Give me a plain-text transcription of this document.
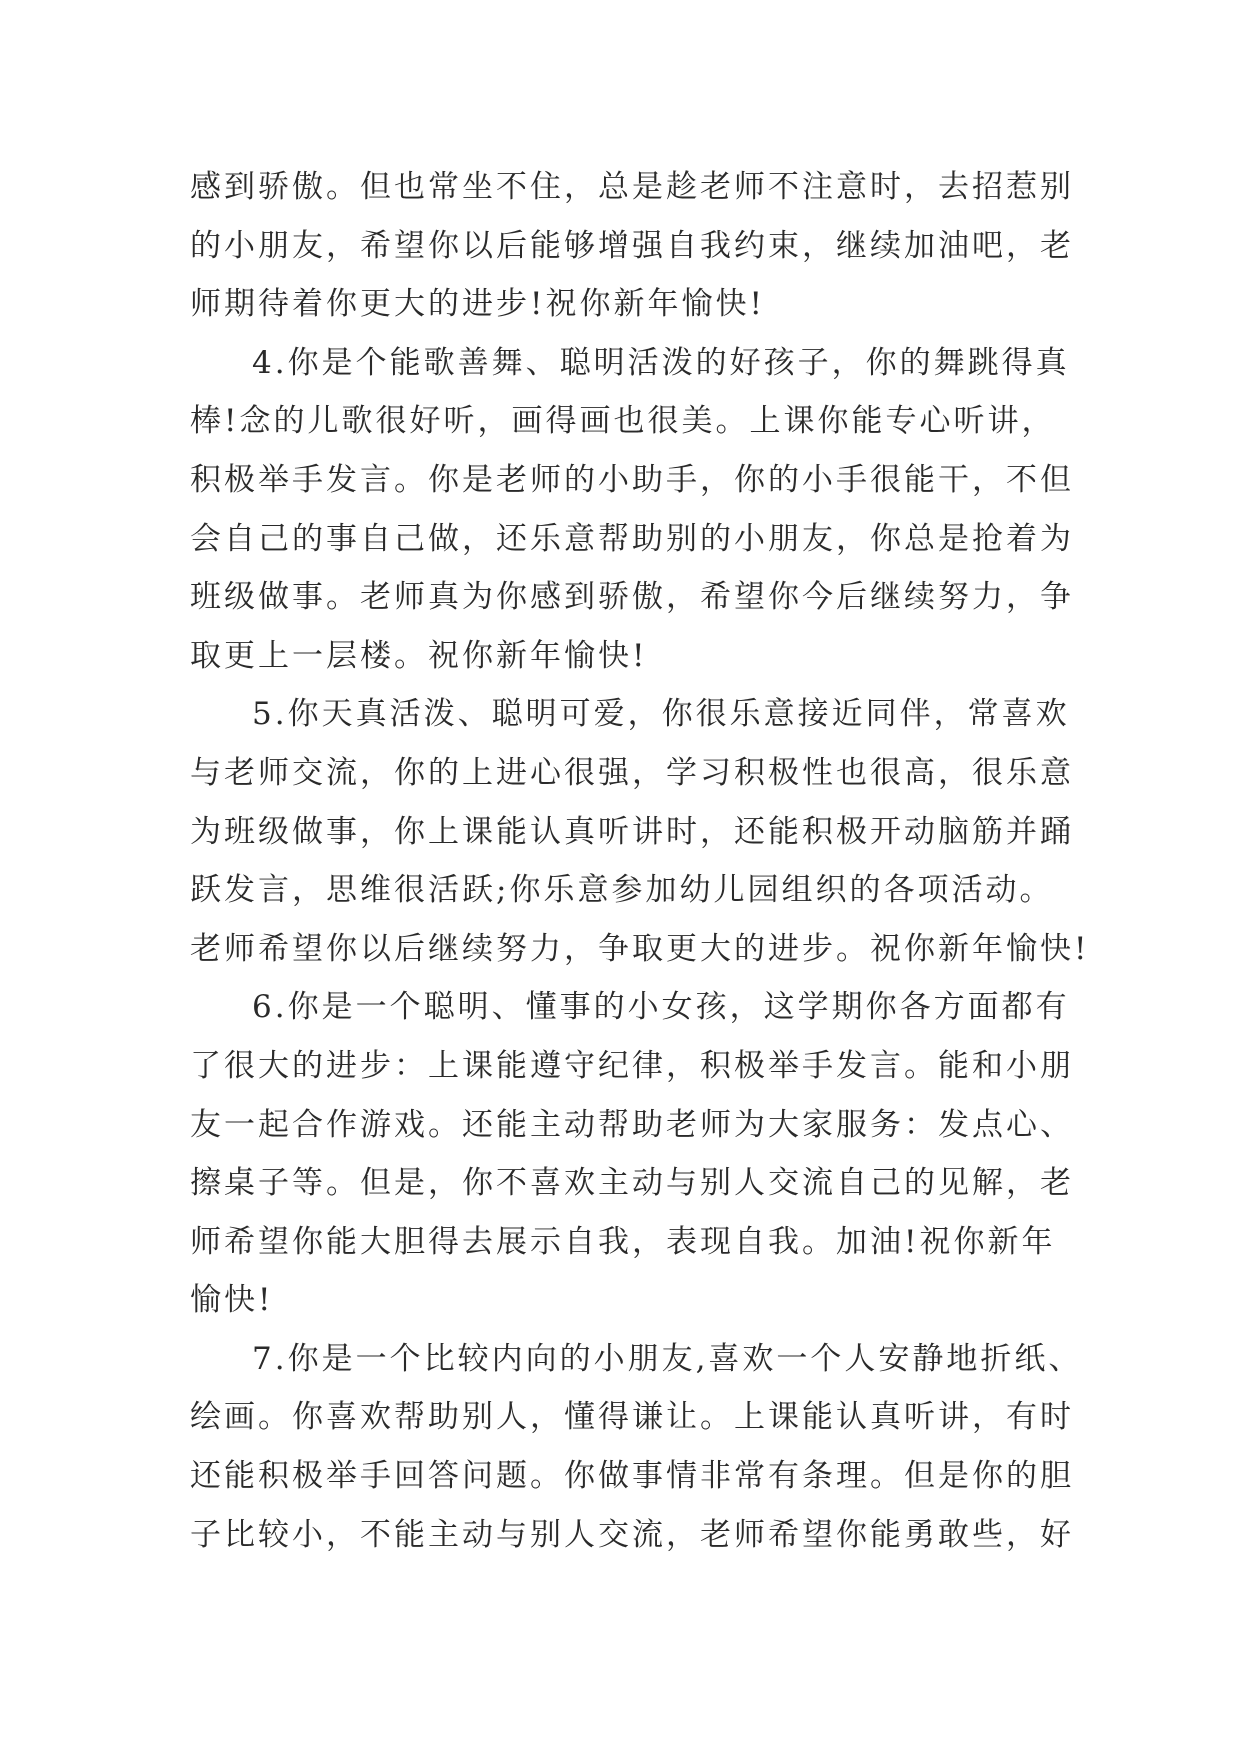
感到骄傲。但也常坐不住，总是趁老师不注意时，去招惹别
的小朋友，希望你以后能够增强自我约束，继续加油吧，老
师期待着你更大的进步!祝你新年愉快!
4.你是个能歌善舞、聪明活泼的好孩子，你的舞跳得真
棒!念的儿歌很好听，画得画也很美。上课你能专心听讲，
积极举手发言。你是老师的小助手，你的小手很能干，不但
会自己的事自己做，还乐意帮助别的小朋友，你总是抢着为
班级做事。老师真为你感到骄傲，希望你今后继续努力，争
取更上一层楼。祝你新年愉快!
5.你天真活泼、聪明可爱，你很乐意接近同伴，常喜欢
与老师交流，你的上进心很强，学习积极性也很高，很乐意
为班级做事，你上课能认真听讲时，还能积极开动脑筋并踊
跃发言，思维很活跃;你乐意参加幼儿园组织的各项活动。
老师希望你以后继续努力，争取更大的进步。祝你新年愉快!
6.你是一个聪明、懂事的小女孩，这学期你各方面都有
了很大的进步：上课能遵守纪律，积极举手发言。能和小朋
友一起合作游戏。还能主动帮助老师为大家服务：发点心、
擦桌子等。但是，你不喜欢主动与别人交流自己的见解，老
师希望你能大胆得去展示自我，表现自我。加油!祝你新年
愉快!
7.你是一个比较内向的小朋友,喜欢一个人安静地折纸、
绘画。你喜欢帮助别人，懂得谦让。上课能认真听讲，有时
还能积极举手回答问题。你做事情非常有条理。但是你的胆
子比较小，不能主动与别人交流，老师希望你能勇敢些，好
